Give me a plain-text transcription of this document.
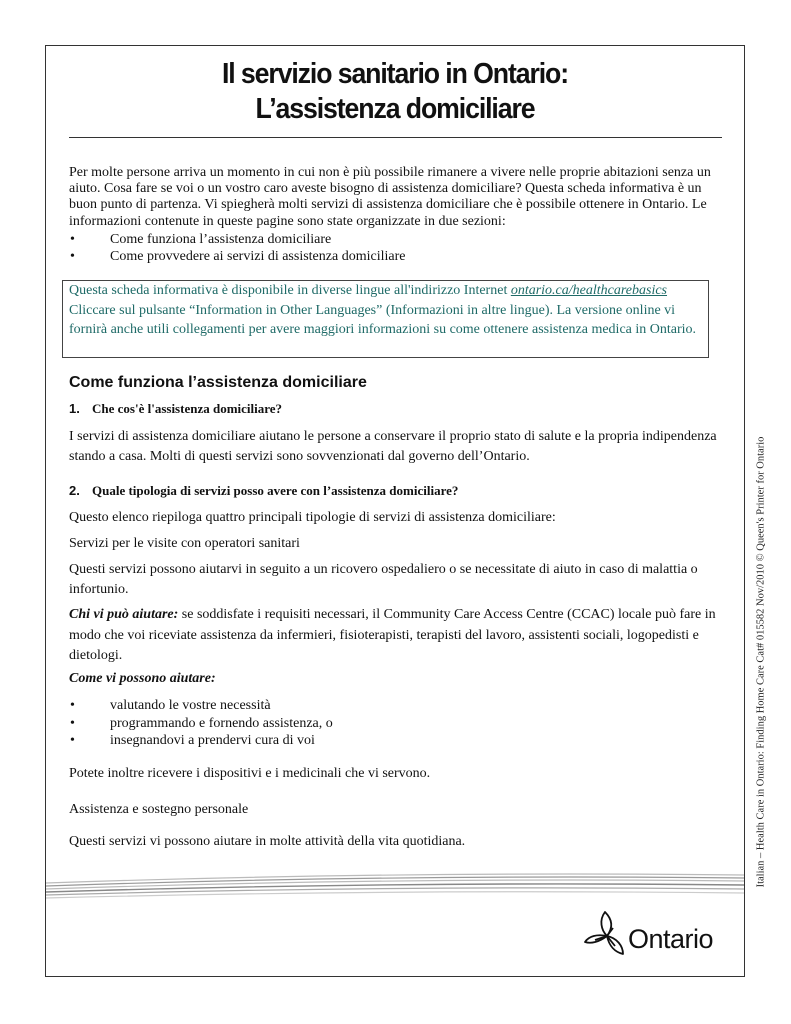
Il servizio sanitario in Ontario:
L’assistenza domiciliare
Per molte persone arriva un momento in cui non è più possibile rimanere a vivere nelle proprie abitazioni senza un aiuto. Cosa fare se voi o un vostro caro aveste bisogno di assistenza domiciliare? Questa scheda informativa è un buon punto di partenza. Vi spiegherà molti servizi di assistenza domiciliare che è possibile ottenere in Ontario. Le informazioni contenute in queste pagine sono state organizzate in due sezioni:
• Come funziona l’assistenza domiciliare
• Come provvedere ai servizi di assistenza domiciliare
Questa scheda informativa è disponibile in diverse lingue all'indirizzo Internet ontario.ca/healthcarebasics Cliccare sul pulsante “Information in Other Languages” (Informazioni in altre lingue). La versione online vi fornirà anche utili collegamenti per avere maggiori informazioni su come ottenere assistenza medica in Ontario.
Come funziona l’assistenza domiciliare
1. Che cos'è l'assistenza domiciliare?
I servizi di assistenza domiciliare aiutano le persone a conservare il proprio stato di salute e la propria indipendenza stando a casa. Molti di questi servizi sono sovvenzionati dal governo dell’Ontario.
2. Quale tipologia di servizi posso avere con l’assistenza domiciliare?
Questo elenco riepiloga quattro principali tipologie di servizi di assistenza domiciliare:
Servizi per le visite con operatori sanitari
Questi servizi possono aiutarvi in seguito a un ricovero ospedaliero o se necessitate di aiuto in caso di malattia o infortunio.
Chi vi può aiutare: se soddisfate i requisiti necessari, il Community Care Access Centre (CCAC) locale può fare in modo che voi riceviate assistenza da infermieri, fisioterapisti, terapisti del lavoro, assistenti sociali, logopedisti e dietologi.
Come vi possono aiutare:
• valutando le vostre necessità
• programmando e fornendo assistenza, o
• insegnandovi a prendervi cura di voi
Potete inoltre ricevere i dispositivi e i medicinali che vi servono.
Assistenza e sostegno personale
Questi servizi vi possono aiutare in molte attività della vita quotidiana.
Ontario
Italian – Health Care in Ontario: Finding Home Care Cat# 015582 Nov/2010 © Queen's Printer for Ontario
